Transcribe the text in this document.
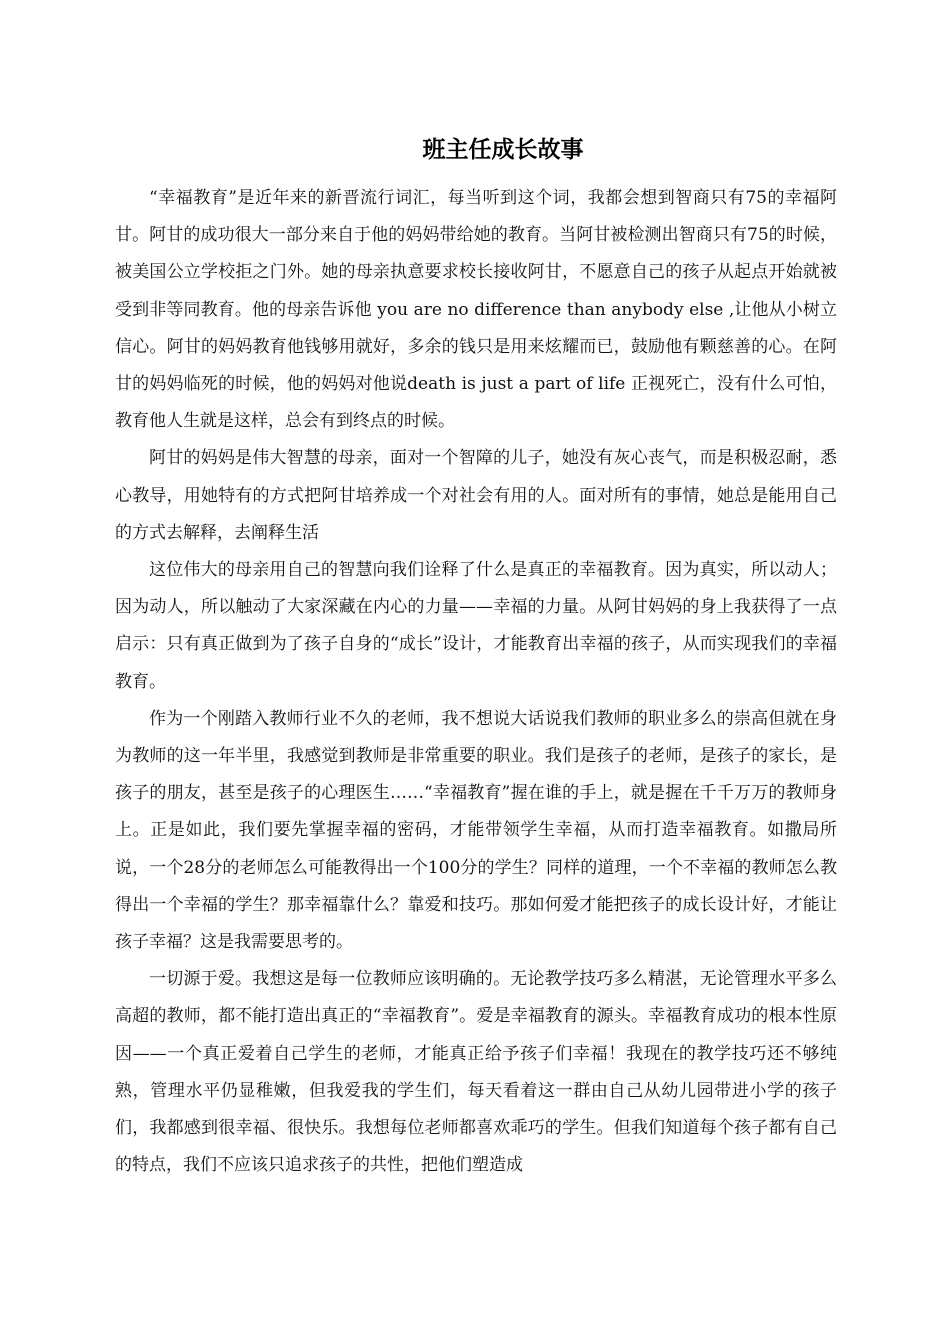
班主任成长故事

“幸福教育”是近年来的新晋流行词汇，每当听到这个词，我都会想到智商只有75的幸福阿甘。阿甘的成功很大一部分来自于他的妈妈带给她的教育。当阿甘被检测出智商只有75的时候，被美国公立学校拒之门外。她的母亲执意要求校长接收阿甘，不愿意自己的孩子从起点开始就被受到非等同教育。他的母亲告诉他 you are no difference than anybody else ,让他从小树立信心。阿甘的妈妈教育他钱够用就好，多余的钱只是用来炫耀而已，鼓励他有颗慈善的心。在阿甘的妈妈临死的时候，他的妈妈对他说death is just a part of life 正视死亡，没有什么可怕，教育他人生就是这样，总会有到终点的时候。

阿甘的妈妈是伟大智慧的母亲，面对一个智障的儿子，她没有灰心丧气，而是积极忍耐，悉心教导，用她特有的方式把阿甘培养成一个对社会有用的人。面对所有的事情，她总是能用自己的方式去解释，去阐释生活

这位伟大的母亲用自己的智慧向我们诠释了什么是真正的幸福教育。因为真实，所以动人；因为动人，所以触动了大家深藏在内心的力量——幸福的力量。从阿甘妈妈的身上我获得了一点启示：只有真正做到为了孩子自身的“成长”设计，才能教育出幸福的孩子，从而实现我们的幸福教育。

作为一个刚踏入教师行业不久的老师，我不想说大话说我们教师的职业多么的崇高但就在身为教师的这一年半里，我感觉到教师是非常重要的职业。我们是孩子的老师，是孩子的家长，是孩子的朋友，甚至是孩子的心理医生……“幸福教育”握在谁的手上，就是握在千千万万的教师身上。正是如此，我们要先掌握幸福的密码，才能带领学生幸福，从而打造幸福教育。如撒局所说，一个28分的老师怎么可能教得出一个100分的学生？同样的道理，一个不幸福的教师怎么教得出一个幸福的学生？那幸福靠什么？靠爱和技巧。那如何爱才能把孩子的成长设计好，才能让孩子幸福？这是我需要思考的。

一切源于爱。我想这是每一位教师应该明确的。无论教学技巧多么精湛，无论管理水平多么高超的教师，都不能打造出真正的“幸福教育”。爱是幸福教育的源头。幸福教育成功的根本性原因——一个真正爱着自己学生的老师，才能真正给予孩子们幸福！我现在的教学技巧还不够纯熟，管理水平仍显稚嫩，但我爱我的学生们，每天看着这一群由自己从幼儿园带进小学的孩子们，我都感到很幸福、很快乐。我想每位老师都喜欢乖巧的学生。但我们知道每个孩子都有自己的特点，我们不应该只追求孩子的共性，把他们塑造成
